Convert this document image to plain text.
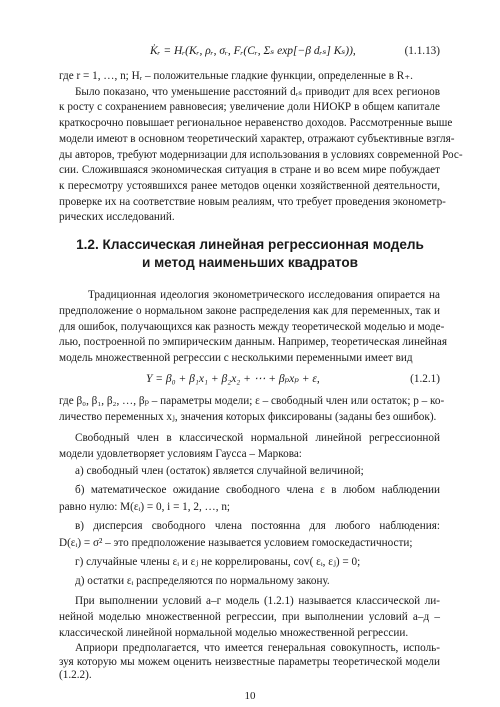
K̇ᵣ = Hᵣ(Kᵣ, ρᵣ, σᵣ, Fᵣ(Cᵣ, Σₛ exp[−β dᵣₛ] Kₛ)),	(1.1.13)
где r = 1, …, n; Hᵣ – положительные гладкие функции, определенные в R₊.
Было показано, что уменьшение расстояний dᵣₛ приводит для всех регионов
к росту с сохранением равновесия; увеличение доли НИОКР в общем капитале
краткосрочно повышает региональное неравенство доходов. Рассмотренные выше
модели имеют в основном теоретический характер, отражают субъективные взгля-
ды авторов, требуют модернизации для использования в условиях современной Рос-
сии. Сложившаяся экономическая ситуация в стране и во всем мире побуждает
к пересмотру устоявшихся ранее методов оценки хозяйственной деятельности,
проверке их на соответствие новым реалиям, что требует проведения эконометр-
рических исследований.
1.2. Классическая линейная регрессионная модель
и метод наименьших квадратов
Традиционная идеология эконометрического исследования опирается на
предположение о нормальном законе распределения как для переменных, так и
для ошибок, получающихся как разность между теоретической моделью и моде-
лью, построенной по эмпирическим данным. Например, теоретическая линейная
модель множественной регрессии с несколькими переменными имеет вид
Y = β₀ + β₁x₁ + β₂x₂ + ⋯ + βₚxₚ + ε,	(1.2.1)
где β₀, β₁, β₂, …, βₚ – параметры модели; ε – свободный член или остаток; p – ко-
личество переменных xⱼ, значения которых фиксированы (заданы без ошибок).
Свободный член в классической нормальной линейной регрессионной
модели удовлетворяет условиям Гаусса – Маркова:
а) свободный член (остаток) является случайной величиной;
б) математическое ожидание свободного члена ε в любом наблюдении
равно нулю: M(εᵢ) = 0, i = 1, 2, …, n;
в) дисперсия свободного члена постоянна для любого наблюдения:
D(εᵢ) = σ² – это предположение называется условием гомоскедастичности;
г) случайные члены εᵢ и εⱼ не коррелированы, cov( εᵢ, εⱼ) = 0;
д) остатки εᵢ распределяются по нормальному закону.
При выполнении условий а–г модель (1.2.1) называется классической ли-
нейной моделью множественной регрессии, при выполнении условий а–д –
классической линейной нормальной моделью множественной регрессии.
Априори предполагается, что имеется генеральная совокупность, исполь-
10
зуя которую мы можем оценить неизвестные параметры теоретической модели
(1.2.2).
